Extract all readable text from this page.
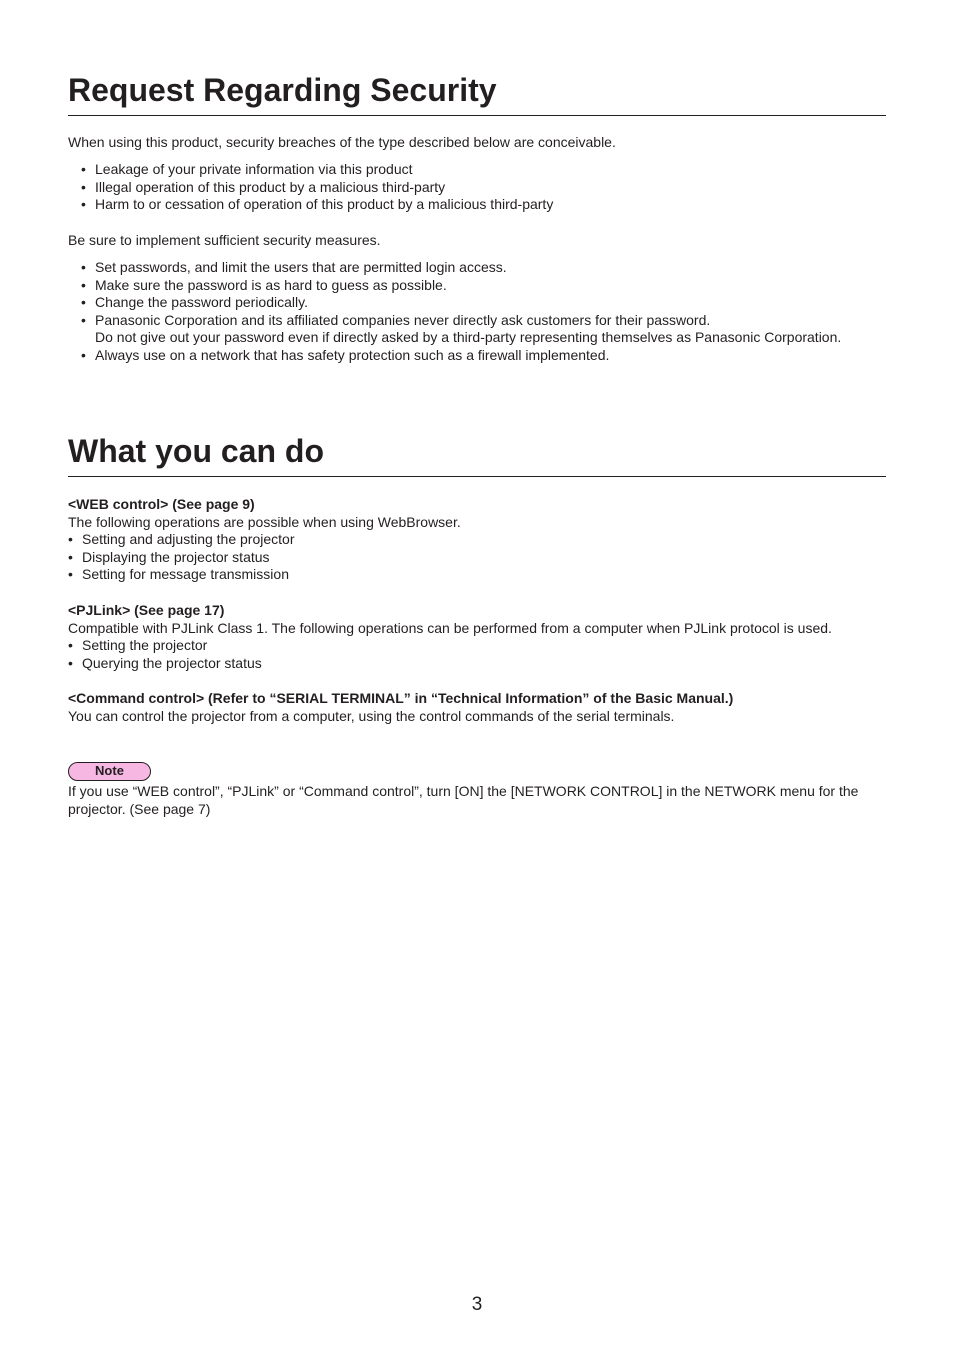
Request Regarding Security

When using this product, security breaches of the type described below are conceivable.

• Leakage of your private information via this product
• Illegal operation of this product by a malicious third-party
• Harm to or cessation of operation of this product by a malicious third-party

Be sure to implement sufficient security measures.

• Set passwords, and limit the users that are permitted login access.
• Make sure the password is as hard to guess as possible.
• Change the password periodically.
• Panasonic Corporation and its affiliated companies never directly ask customers for their password.
Do not give out your password even if directly asked by a third-party representing themselves as Panasonic Corporation.
• Always use on a network that has safety protection such as a firewall implemented.
What you can do

<WEB control> (See page 9)

The following operations are possible when using WebBrowser.

• Setting and adjusting the projector
• Displaying the projector status
• Setting for message transmission

<PJLink> (See page 17)

Compatible with PJLink Class 1. The following operations can be performed from a computer when PJLink protocol is used.

• Setting the projector
• Querying the projector status

<Command control> (Refer to “SERIAL TERMINAL” in “Technical Information” of the Basic Manual.)

You can control the projector from a computer, using the control commands of the serial terminals.

Note

If you use “WEB control”, “PJLink” or “Command control”, turn [ON] the [NETWORK CONTROL] in the NETWORK menu for the projector. (See page 7)

3
